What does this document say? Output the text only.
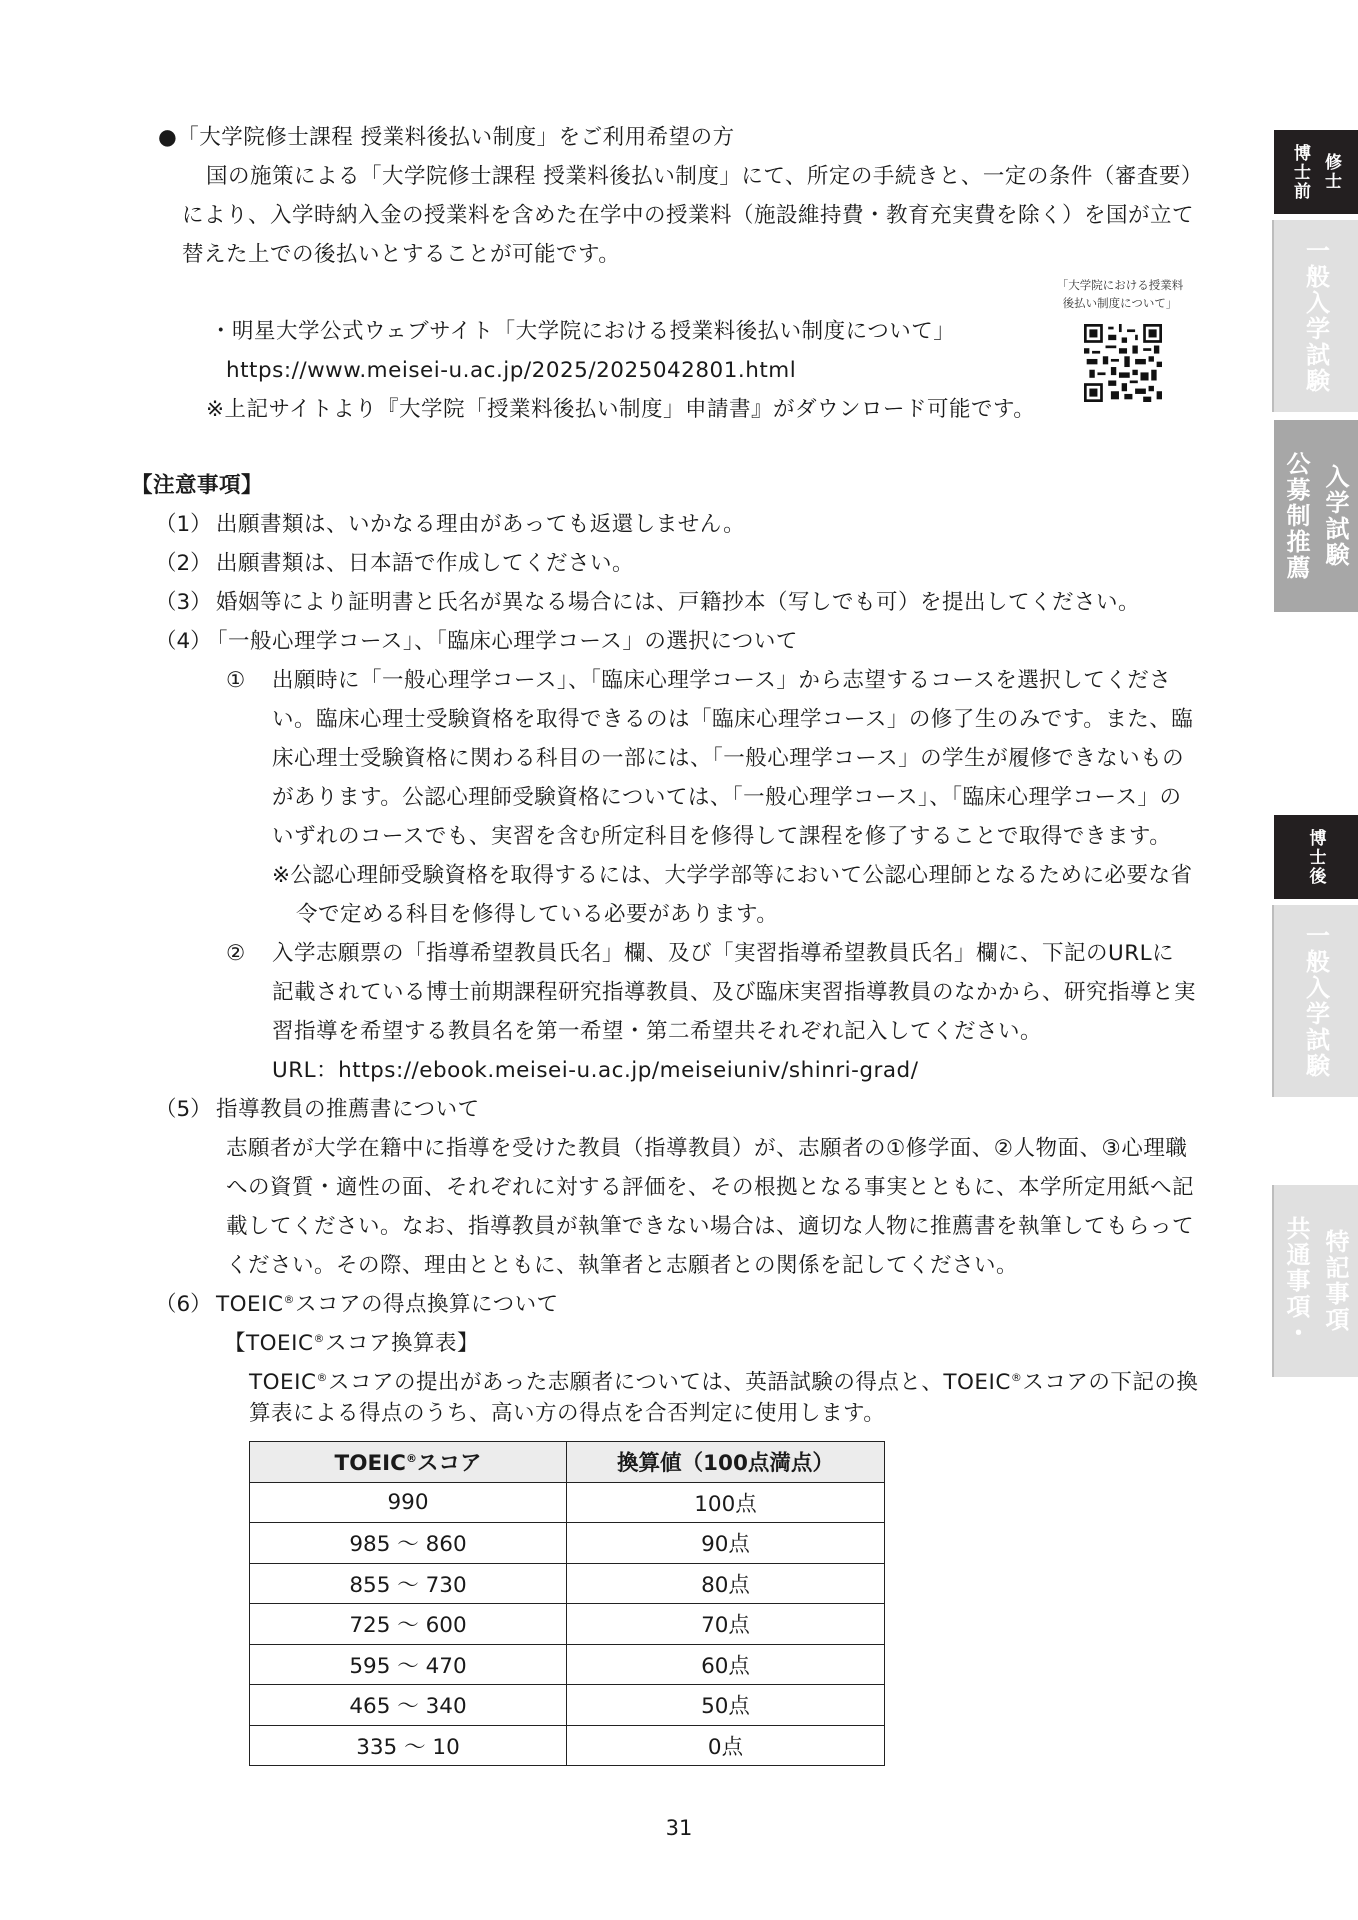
●「大学院修士課程 授業料後払い制度」をご利用希望の方
国の施策による「大学院修士課程 授業料後払い制度」にて、所定の手続きと、一定の条件（審査要）
により、入学時納入金の授業料を含めた在学中の授業料（施設維持費・教育充実費を除く）を国が立て
替えた上での後払いとすることが可能です。
「大学院における授業料
後払い制度について」
・明星大学公式ウェブサイト「大学院における授業料後払い制度について」
https://www.meisei-u.ac.jp/2025/2025042801.html
※上記サイトより『大学院「授業料後払い制度」申請書』がダウンロード可能です。
【注意事項】
（1） 出願書類は、いかなる理由があっても返還しません。
（2） 出願書類は、日本語で作成してください。
（3） 婚姻等により証明書と氏名が異なる場合には、戸籍抄本（写しでも可）を提出してください。
（4）
「一般心理学コース」、「臨床心理学コース」の選択について
① 出願時に「一般心理学コース」、「臨床心理学コース」から志望するコースを選択してくださ
い。臨床心理士受験資格を取得できるのは「臨床心理学コース」の修了生のみです。また、臨
床心理士受験資格に関わる科目の一部には、「一般心理学コース」の学生が履修できないもの
があります。公認心理師受験資格については、「一般心理学コース」、「臨床心理学コース」の
いずれのコースでも、実習を含む所定科目を修得して課程を修了することで取得できます。
※公認心理師受験資格を取得するには、大学学部等において公認心理師となるために必要な省
令で定める科目を修得している必要があります。
② 入学志願票の「指導希望教員氏名」欄、及び「実習指導希望教員氏名」欄に、下記のURLに
記載されている博士前期課程研究指導教員、及び臨床実習指導教員のなかから、研究指導と実
習指導を希望する教員名を第一希望・第二希望共それぞれ記入してください。
URL：https://ebook.meisei-u.ac.jp/meiseiuniv/shinri-grad/
（5） 指導教員の推薦書について
志願者が大学在籍中に指導を受けた教員（指導教員）が、志願者の①修学面、②人物面、③心理職
への資質・適性の面、それぞれに対する評価を、その根拠となる事実とともに、本学所定用紙へ記
載してください。なお、指導教員が執筆できない場合は、適切な人物に推薦書を執筆してもらって
ください。その際、理由とともに、執筆者と志願者との関係を記してください。
（6） TOEIC®スコアの得点換算について
【TOEIC®スコア換算表】
TOEIC®スコアの提出があった志願者については、英語試験の得点と、TOEIC®スコアの下記の換
算表による得点のうち、高い方の得点を合否判定に使用します。
TOEIC®スコア	換算値（100点満点）
990	100点
985 〜 860	90点
855 〜 730	80点
725 〜 600	70点
595 〜 470	60点
465 〜 340	50点
335 〜 10	0点
博士前 修士
一般入学試験
公募制推薦 入学試験
博士後
一般入学試験
共通事項・ 特記事項
31
